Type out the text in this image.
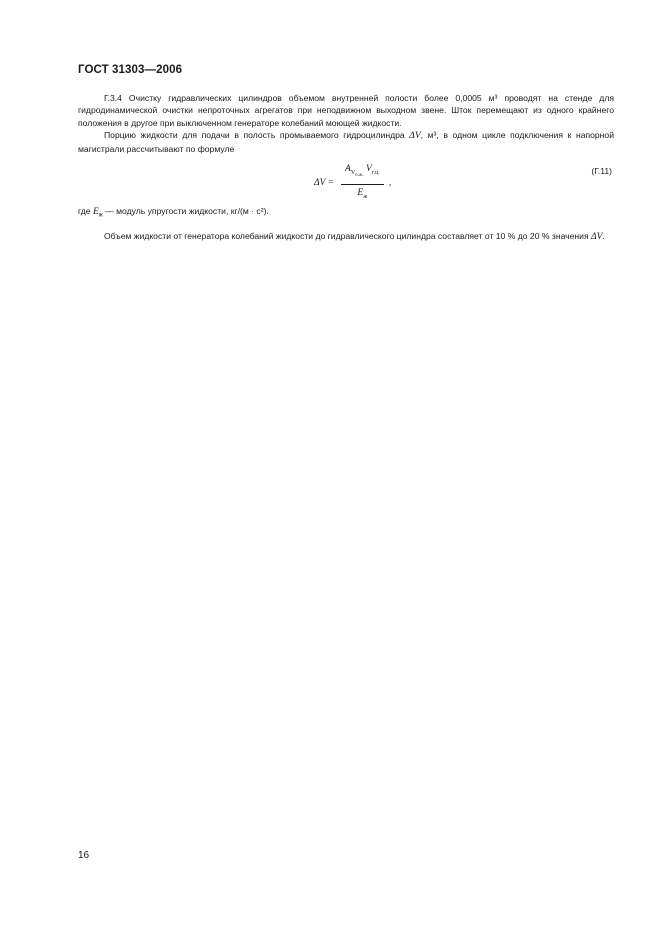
ГОСТ 31303—2006

Г.3.4 Очистку гидравлических цилиндров объемом внутренней полости более 0,0005 м³ проводят на стенде для гидродинамической очистки непроточных агрегатов при неподвижном выходном звене. Шток перемещают из одного крайнего положения в другое при выключенном генераторе колебаний моющей жидкости.

Порцию жидкости для подачи в полость промываемого гидроцилиндра ΔV, м³, в одном цикле подключения к напорной магистрали рассчитывают по формуле

$\Delta V = \frac{A_{V_{о.ж.}} V_{г.ц.}}{E_ж}$ ,
(Г.11)

где $E_ж$ — модуль упругости жидкости, кг/(м · с²).

Объем жидкости от генератора колебаний жидкости до гидравлического цилиндра составляет от 10 % до 20 % значения ΔV.

16
